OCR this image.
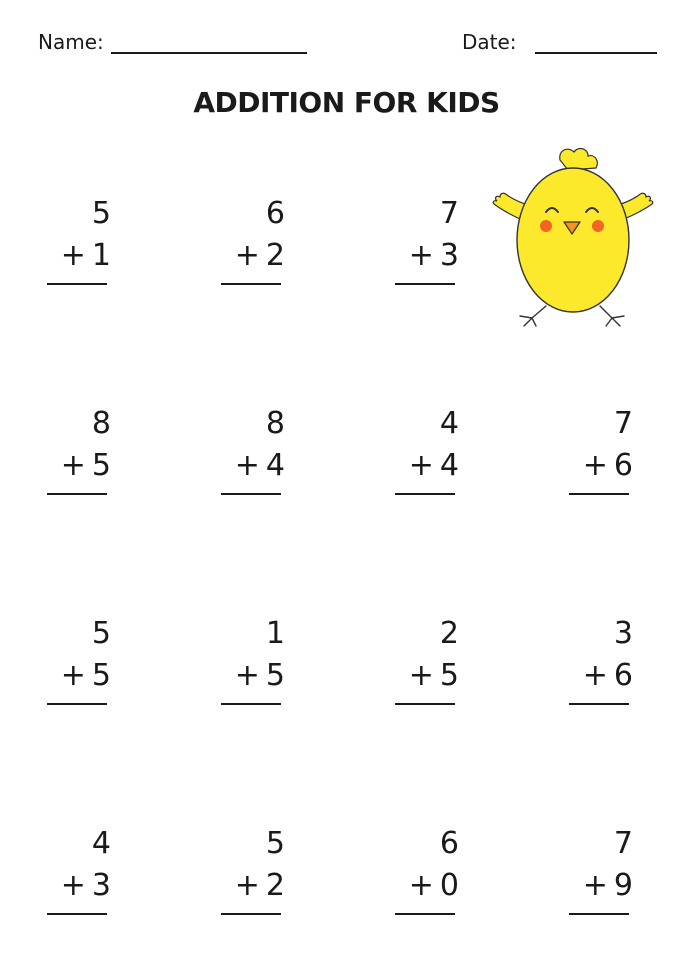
Name:	Date:
ADDITION FOR KIDS
5
+  1
6
+  2
7
+  3
8
+  5
8
+  4
4
+  4
7
+  6
5
+  5
1
+  5
2
+  5
3
+  6
4
+  3
5
+  2
6
+  0
7
+  9
